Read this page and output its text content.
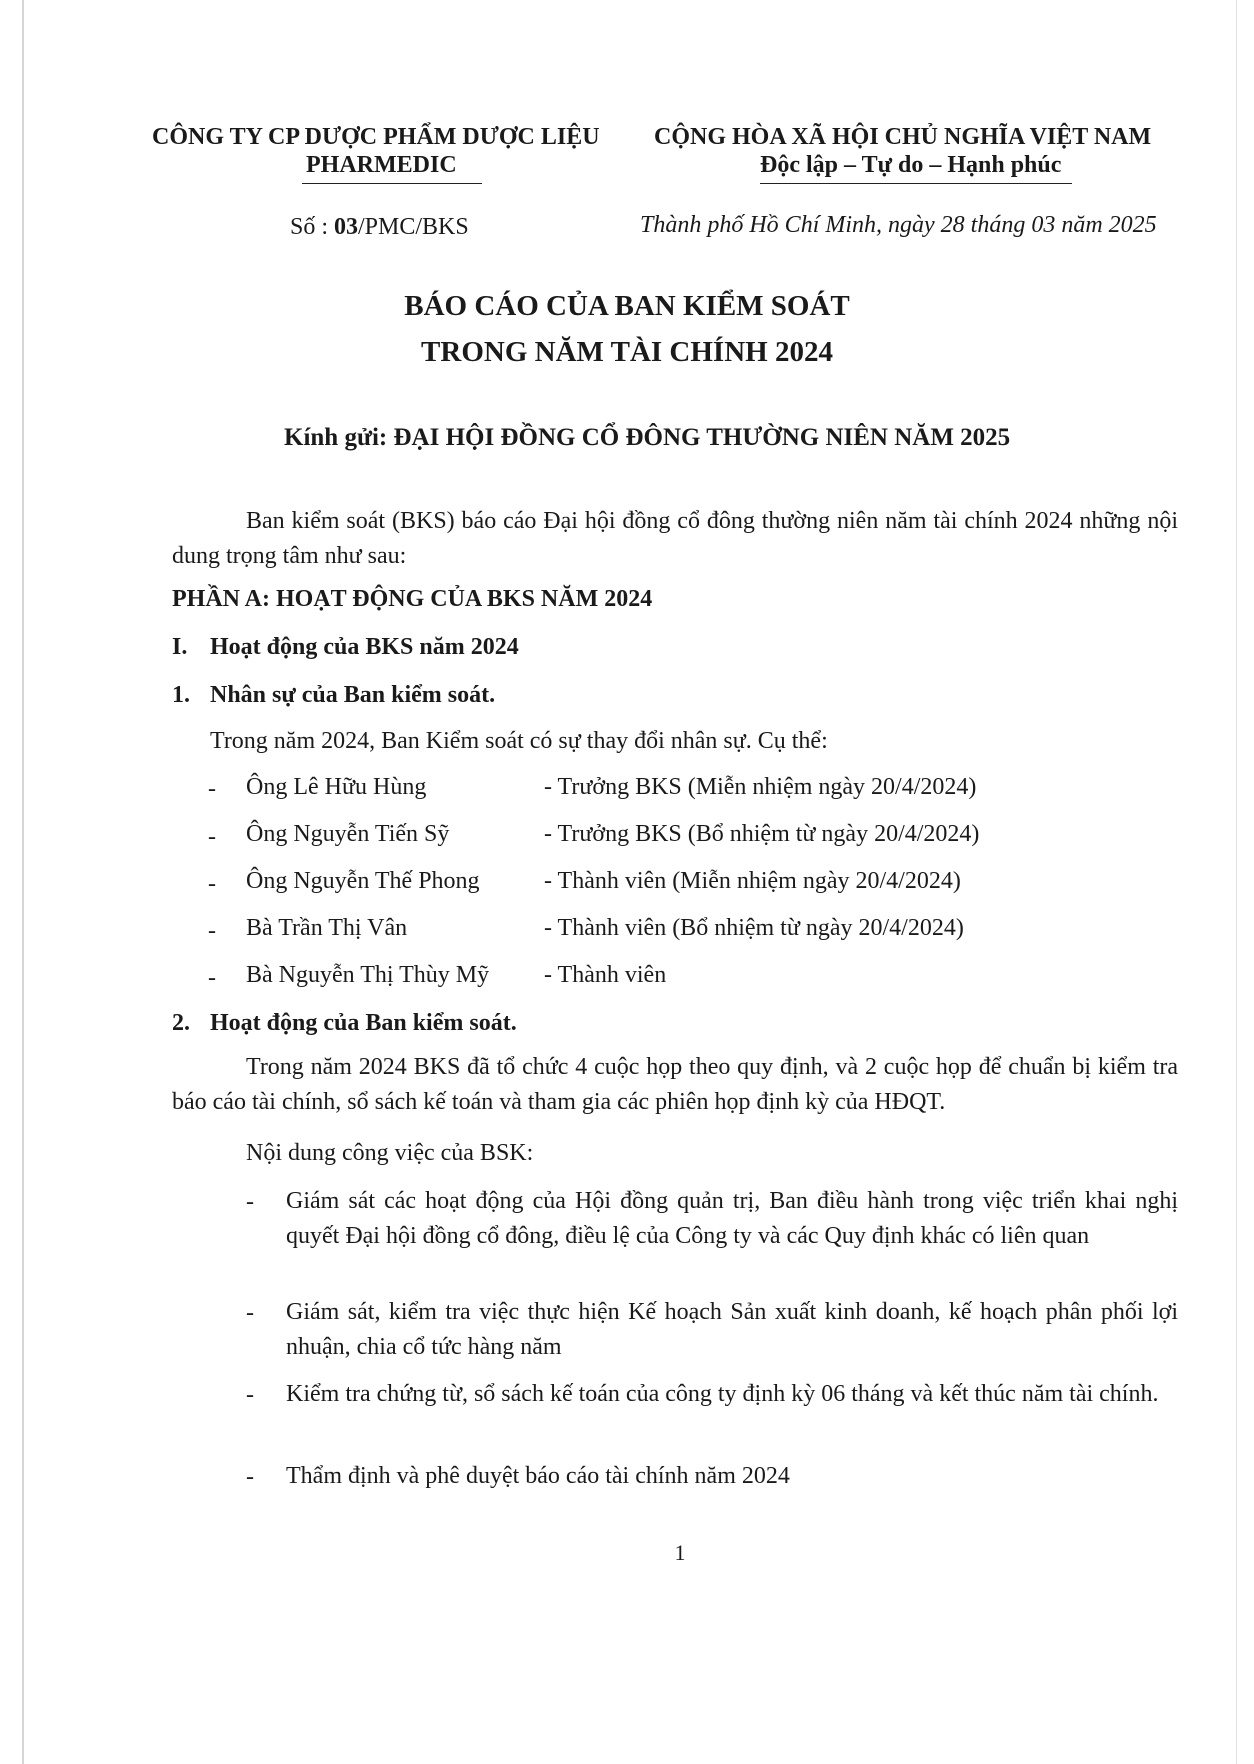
CÔNG TY CP DƯỢC PHẨM DƯỢC LIỆU
PHARMEDIC
CỘNG HÒA XÃ HỘI CHỦ NGHĨA VIỆT NAM
Độc lập – Tự do – Hạnh phúc
Số : 03/PMC/BKS	Thành phố Hồ Chí Minh, ngày 28 tháng 03 năm 2025
BÁO CÁO CỦA BAN KIỂM SOÁT
TRONG NĂM TÀI CHÍNH 2024
Kính gửi: ĐẠI HỘI ĐỒNG CỔ ĐÔNG THƯỜNG NIÊN NĂM 2025
Ban kiểm soát (BKS) báo cáo Đại hội đồng cổ đông thường niên năm tài chính 2024 những nội dung trọng tâm như sau:
PHẦN A: HOẠT ĐỘNG CỦA BKS NĂM 2024
I. Hoạt động của BKS năm 2024
1. Nhân sự của Ban kiểm soát.
Trong năm 2024, Ban Kiểm soát có sự thay đổi nhân sự. Cụ thể:
- Ông Lê Hữu Hùng	- Trưởng BKS (Miễn nhiệm ngày 20/4/2024)
- Ông Nguyễn Tiến Sỹ	- Trưởng BKS (Bổ nhiệm từ ngày 20/4/2024)
- Ông Nguyễn Thế Phong	- Thành viên (Miễn nhiệm ngày 20/4/2024)
- Bà Trần Thị Vân	- Thành viên (Bổ nhiệm từ ngày 20/4/2024)
- Bà Nguyễn Thị Thùy Mỹ - Thành viên
2. Hoạt động của Ban kiểm soát.
Trong năm 2024 BKS đã tổ chức 4 cuộc họp theo quy định, và 2 cuộc họp để chuẩn bị kiểm tra báo cáo tài chính, sổ sách kế toán và tham gia các phiên họp định kỳ của HĐQT.
Nội dung công việc của BSK:
- Giám sát các hoạt động của Hội đồng quản trị, Ban điều hành trong việc triển khai nghị quyết Đại hội đồng cổ đông, điều lệ của Công ty và các Quy định khác có liên quan
- Giám sát, kiểm tra việc thực hiện Kế hoạch Sản xuất kinh doanh, kế hoạch phân phối lợi nhuận, chia cổ tức hàng năm
- Kiểm tra chứng từ, sổ sách kế toán của công ty định kỳ 06 tháng và kết thúc năm tài chính.
- Thẩm định và phê duyệt báo cáo tài chính năm 2024
1
